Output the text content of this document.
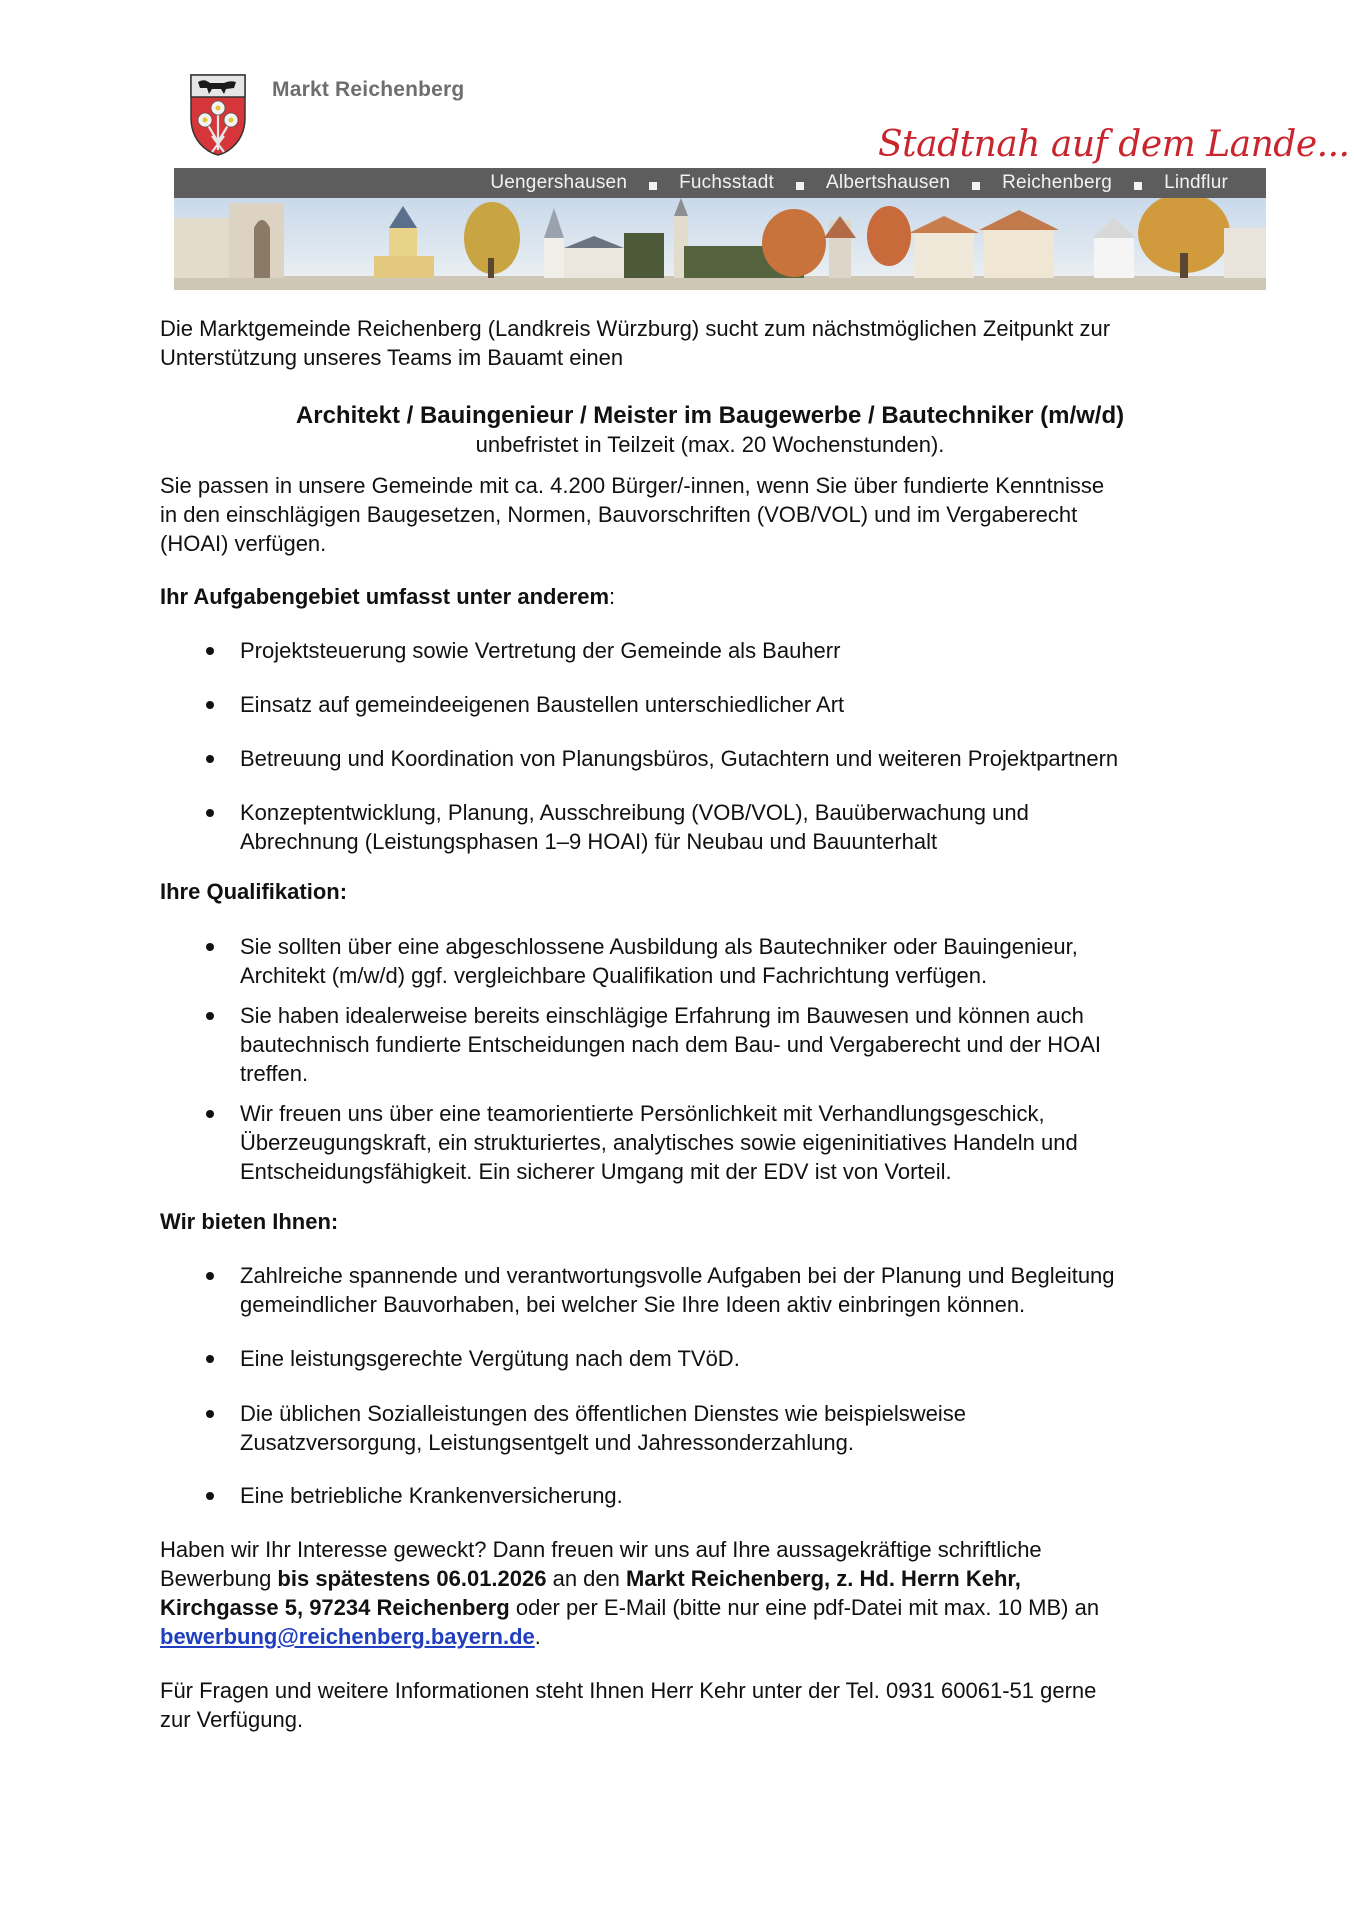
Markt Reichenberg
Stadtnah auf dem Lande...
Uengershausen	Fuchsstadt	Albertshausen	Reichenberg	Lindflur
Die Marktgemeinde Reichenberg (Landkreis Würzburg) sucht zum nächstmöglichen Zeitpunkt zur
Unterstützung unseres Teams im Bauamt einen
Architekt / Bauingenieur / Meister im Baugewerbe / Bautechniker (m/w/d)
unbefristet in Teilzeit (max. 20 Wochenstunden).
Sie passen in unsere Gemeinde mit ca. 4.200 Bürger/-innen, wenn Sie über fundierte Kenntnisse
in den einschlägigen Baugesetzen, Normen, Bauvorschriften (VOB/VOL) und im Vergaberecht
(HOAI) verfügen.
Ihr Aufgabengebiet umfasst unter anderem:
Projektsteuerung sowie Vertretung der Gemeinde als Bauherr
Einsatz auf gemeindeeigenen Baustellen unterschiedlicher Art
Betreuung und Koordination von Planungsbüros, Gutachtern und weiteren Projektpartnern
Konzeptentwicklung, Planung, Ausschreibung (VOB/VOL), Bauüberwachung und
Abrechnung (Leistungsphasen 1–9 HOAI) für Neubau und Bauunterhalt
Ihre Qualifikation:
Sie sollten über eine abgeschlossene Ausbildung als Bautechniker oder Bauingenieur,
Architekt (m/w/d) ggf. vergleichbare Qualifikation und Fachrichtung verfügen.
Sie haben idealerweise bereits einschlägige Erfahrung im Bauwesen und können auch
bautechnisch fundierte Entscheidungen nach dem Bau- und Vergaberecht und der HOAI
treffen.
Wir freuen uns über eine teamorientierte Persönlichkeit mit Verhandlungsgeschick,
Überzeugungskraft, ein strukturiertes, analytisches sowie eigeninitiatives Handeln und
Entscheidungsfähigkeit. Ein sicherer Umgang mit der EDV ist von Vorteil.
Wir bieten Ihnen:
Zahlreiche spannende und verantwortungsvolle Aufgaben bei der Planung und Begleitung
gemeindlicher Bauvorhaben, bei welcher Sie Ihre Ideen aktiv einbringen können.
Eine leistungsgerechte Vergütung nach dem TVöD.
Die üblichen Sozialleistungen des öffentlichen Dienstes wie beispielsweise
Zusatzversorgung, Leistungsentgelt und Jahressonderzahlung.
Eine betriebliche Krankenversicherung.
Haben wir Ihr Interesse geweckt? Dann freuen wir uns auf Ihre aussagekräftige schriftliche
Bewerbung bis spätestens 06.01.2026 an den Markt Reichenberg, z. Hd. Herrn Kehr,
Kirchgasse 5, 97234 Reichenberg oder per E-Mail (bitte nur eine pdf-Datei mit max. 10 MB) an
bewerbung@reichenberg.bayern.de.
Für Fragen und weitere Informationen steht Ihnen Herr Kehr unter der Tel. 0931 60061-51 gerne
zur Verfügung.
